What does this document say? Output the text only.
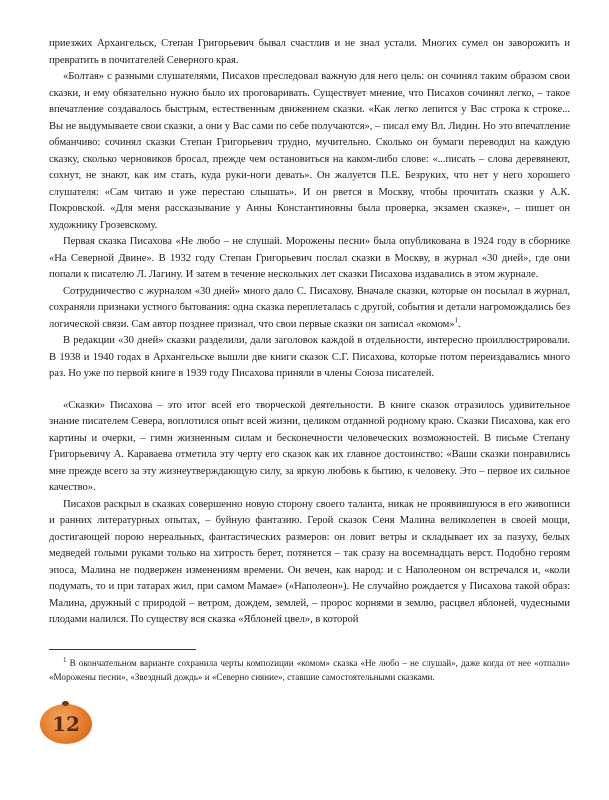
приезжих Архангельск, Степан Григорьевич бывал счастлив и не знал устали. Многих сумел он заворожить и превратить в почитателей Северного края.

«Болтая» с разными слушателями, Писахов преследовал важную для него цель: он сочинял таким образом свои сказки, и ему обязательно нужно было их проговаривать. Существует мнение, что Писахов сочинял легко, – такое впечатление создавалось быстрым, естественным движением сказки. «Как легко лепится у Вас строка к строке... Вы не выдумываете свои сказки, а они у Вас сами по себе получаются», – писал ему Вл. Лидин. Но это впечатление обманчиво: сочинял сказки Степан Григорьевич трудно, мучительно. Сколько он бумаги переводил на каждую сказку, сколько черновиков бросал, прежде чем остановиться на каком-либо слове: «...писать – слова деревянеют, сохнут, не знают, как им стать, куда руки-ноги девать». Он жалуется П.Е. Безруких, что нет у него хорошего слушателя: «Сам читаю и уже перестаю слышать». И он рвется в Москву, чтобы прочитать сказки у А.К. Покровской. «Для меня рассказывание у Анны Константиновны была проверка, экзамен сказке», – пишет он художнику Грозевскому.

Первая сказка Писахова «Не любо – не слушай. Морожены песни» была опубликована в 1924 году в сборнике «На Северной Двине». В 1932 году Степан Григорьевич послал сказки в Москву, в журнал «30 дней», где они попали к писателю Л. Лагину. И затем в течение нескольких лет сказки Писахова издавались в этом журнале.

Сотрудничество с журналом «30 дней» много дало С. Писахову. Вначале сказки, которые он посылал в журнал, сохраняли признаки устного бытования: одна сказка переплеталась с другой, события и детали нагромождались без логической связи. Сам автор позднее признал, что свои первые сказки он записал «комом»$^1$.

В редакции «30 дней» сказки разделили, дали заголовок каждой в отдельности, интересно проиллюстрировали. В 1938 и 1940 годах в Архангельске вышли две книги сказок С.Г. Писахова, которые потом переиздавались много раз. Но уже по первой книге в 1939 году Писахова приняли в члены Союза писателей.

«Сказки» Писахова – это итог всей его творческой деятельности. В книге сказок отразилось удивительное знание писателем Севера, воплотился опыт всей жизни, целиком отданной родному краю. Сказки Писахова, как его картины и очерки, – гимн жизненным силам и бесконечности человеческих возможностей. В письме Степану Григорьевичу А. Караваева отметила эту черту его сказок как их главное достоинство: «Ваши сказки понравились мне прежде всего за эту жизнеутверждающую силу, за яркую любовь к бытию, к человеку. Это – первое их сильное качество».

Писахов раскрыл в сказках совершенно новую сторону своего таланта, никак не проявившуюся в его живописи и ранних литературных опытах, – буйную фантазию. Герой сказок Сеня Малина великолепен в своей мощи, достигающей порою нереальных, фантастических размеров: он ловит ветры и складывает их за пазуху, белых медведей голыми руками только на хитрость берет, потянется – так сразу на восемнадцать верст. Подобно героям эпоса, Малина не подвержен изменениям времени. Он вечен, как народ: и с Наполеоном он встречался и, «коли подумать, то и при татарах жил, при самом Мамае» («Наполеон»). Не случайно рождается у Писахова такой образ: Малина, дружный с природой – ветром, дождем, землей, – пророс корнями в землю, расцвел яблоней, чудесными плодами налился. По существу вся сказка «Яблоней цвел», в которой

$^1$ В окончательном варианте сохранила черты компоzиции «комом» сказка «Не любо – не слушай», даже когда от нее «отпали» «Морожены песни», «Звездный дождь» и «Северно сияние», ставшие самостоятельными сказками.

12
